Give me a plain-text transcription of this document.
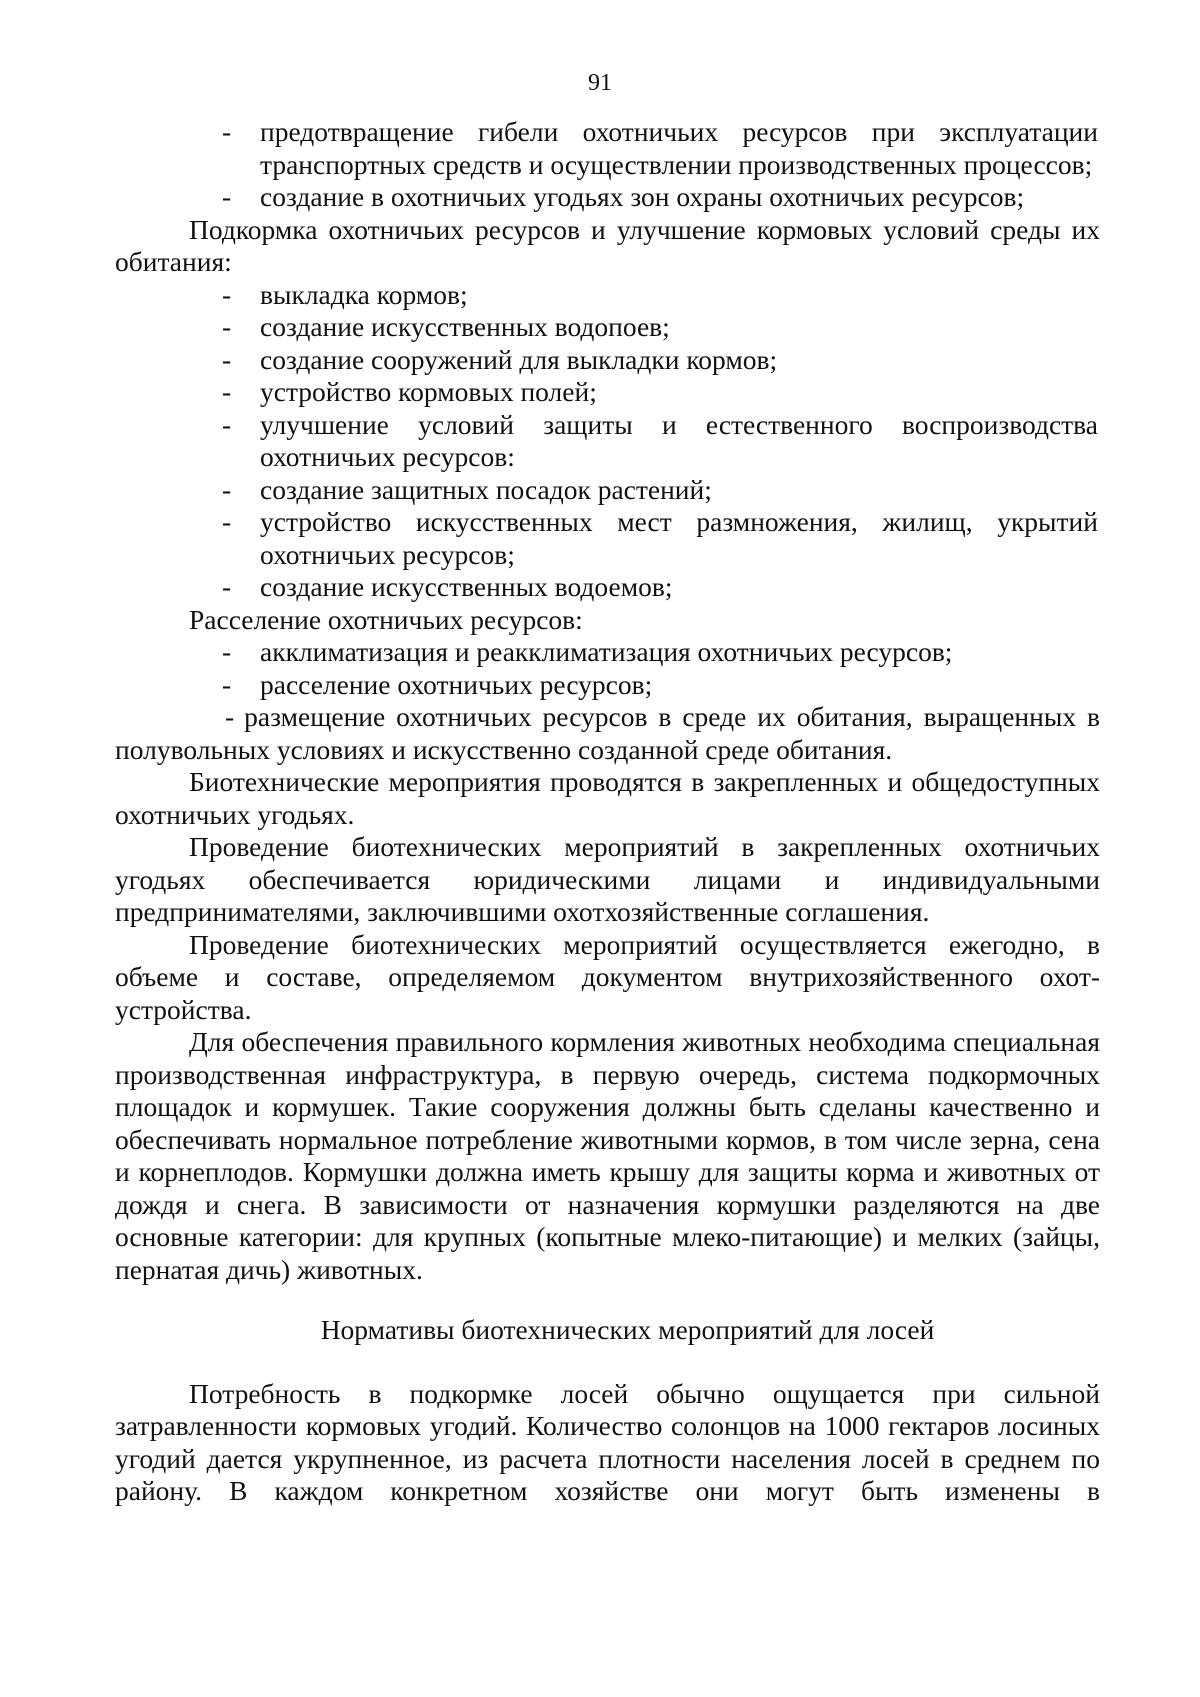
91
- предотвращение гибели охотничьих ресурсов при эксплуатации транспортных средств и осуществлении производственных процессов;
- создание в охотничьих угодьях зон охраны охотничьих ресурсов;
Подкормка охотничьих ресурсов и улучшение кормовых условий среды их обитания:
- выкладка кормов;
- создание искусственных водопоев;
- создание сооружений для выкладки кормов;
- устройство кормовых полей;
- улучшение условий защиты и естественного воспроизводства охотничьих ресурсов:
- создание защитных посадок растений;
- устройство искусственных мест размножения, жилищ, укрытий охотничьих ресурсов;
- создание искусственных водоемов;
Расселение охотничьих ресурсов:
- акклиматизация и реакклиматизация охотничьих ресурсов;
- расселение охотничьих ресурсов;
- размещение охотничьих ресурсов в среде их обитания, выращенных в полувольных условиях и искусственно созданной среде обитания.
Биотехнические мероприятия проводятся в закрепленных и общедоступных охотничьих угодьях.
Проведение биотехнических мероприятий в закрепленных охотничьих угодьях обеспечивается юридическими лицами и индивидуальными предпринимателями, заключившими охотхозяйственные соглашения.
Проведение биотехнических мероприятий осуществляется ежегодно, в объеме и составе, определяемом документом внутрихозяйственного охот-устройства.
Для обеспечения правильного кормления животных необходима специальная производственная инфраструктура, в первую очередь, система подкормочных площадок и кормушек. Такие сооружения должны быть сделаны качественно и обеспечивать нормальное потребление животными кормов, в том числе зерна, сена и корнеплодов. Кормушки должна иметь крышу для защиты корма и животных от дождя и снега. В зависимости от назначения кормушки разделяются на две основные категории: для крупных (копытные млеко-питающие) и мелких (зайцы, пернатая дичь) животных.
Нормативы биотехнических мероприятий для лосей
Потребность в подкормке лосей обычно ощущается при сильной затравленности кормовых угодий. Количество солонцов на 1000 гектаров лосиных угодий дается укрупненное, из расчета плотности населения лосей в среднем по району. В каждом конкретном хозяйстве они могут быть изменены в
